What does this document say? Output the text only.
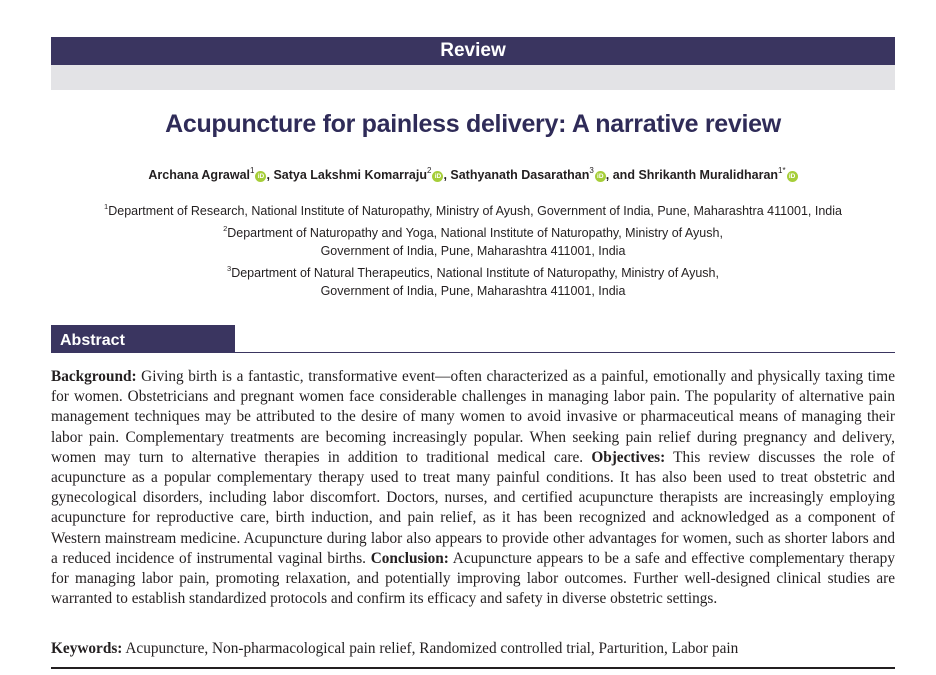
Review
Acupuncture for painless delivery: A narrative review
Archana Agrawal$^1$iD , Satya Lakshmi Komarraju$^2$iD , Sathyanath Dasarathan$^3$iD , and Shrikanth Muralidharan$^{1*}$iD
$^1$Department of Research, National Institute of Naturopathy, Ministry of Ayush, Government of India, Pune, Maharashtra 411001, India
$^2$Department of Naturopathy and Yoga, National Institute of Naturopathy, Ministry of Ayush,
Government of India, Pune, Maharashtra 411001, India
$^3$Department of Natural Therapeutics, National Institute of Naturopathy, Ministry of Ayush,
Government of India, Pune, Maharashtra 411001, India
Abstract

Background: Giving birth is a fantastic, transformative event—often characterized as a painful, emotionally and physically taxing time for women. Obstetricians and pregnant women face considerable challenges in managing labor pain. The popularity of alternative pain management techniques may be attributed to the desire of many women to avoid invasive or pharmaceutical means of managing their labor pain. Complementary treatments are becoming increasingly popular. When seeking pain relief during pregnancy and delivery, women may turn to alternative therapies in addition to traditional medical care. Objectives: This review discusses the role of acupuncture as a popular complementary therapy used to treat many painful conditions. It has also been used to treat obstetric and gynecological disorders, including labor discomfort. Doctors, nurses, and certified acupuncture therapists are increasingly employing acupuncture for reproductive care, birth induction, and pain relief, as it has been recognized and acknowledged as a component of Western mainstream medicine. Acupuncture during labor also appears to provide other advantages for women, such as shorter labors and a reduced incidence of instrumental vaginal births. Conclusion: Acupuncture appears to be a safe and effective complementary therapy for managing labor pain, promoting relaxation, and potentially improving labor outcomes. Further well-designed clinical studies are warranted to establish standardized protocols and confirm its efficacy and safety in diverse obstetric settings.

Keywords: Acupuncture, Non-pharmacological pain relief, Randomized controlled trial, Parturition, Labor pain
